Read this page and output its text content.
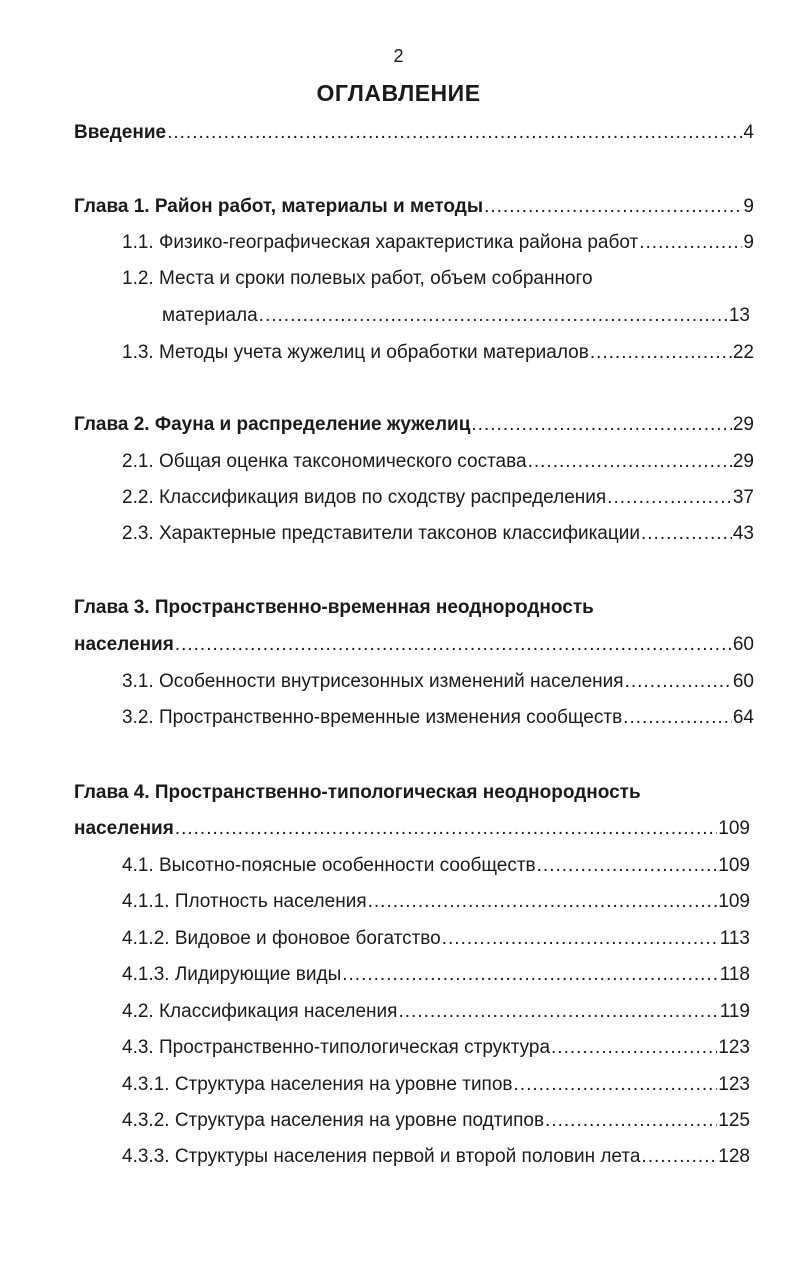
2
ОГЛАВЛЕНИЕ
Введение .....	4
Глава 1. Район работ, материалы и методы .....	9
1.1. Физико-географическая характеристика района работ .....	9
1.2. Места и сроки полевых работ, объем собранного
материала .....	13
1.3. Методы учета жужелиц и обработки материалов .....	22
Глава 2. Фауна и распределение жужелиц .....	29
2.1. Общая оценка таксономического состава .....	29
2.2. Классификация видов по сходству распределения .....	37
2.3. Характерные представители таксонов классификации .....	43
Глава 3. Пространственно-временная неоднородность
населения .....	60
3.1. Особенности внутрисезонных изменений населения .....	60
3.2. Пространственно-временные изменения сообществ .....	64
Глава 4. Пространственно-типологическая неоднородность
населения .....	109
4.1. Высотно-поясные особенности сообществ .....	109
4.1.1. Плотность населения .....	109
4.1.2. Видовое и фоновое богатство .....	113
4.1.3. Лидирующие виды .....	118
4.2. Классификация населения .....	119
4.3. Пространственно-типологическая структура .....	123
4.3.1. Структура населения на уровне типов .....	123
4.3.2. Структура населения на уровне подтипов .....	125
4.3.3. Структуры населения первой и второй половин лета .....	128
